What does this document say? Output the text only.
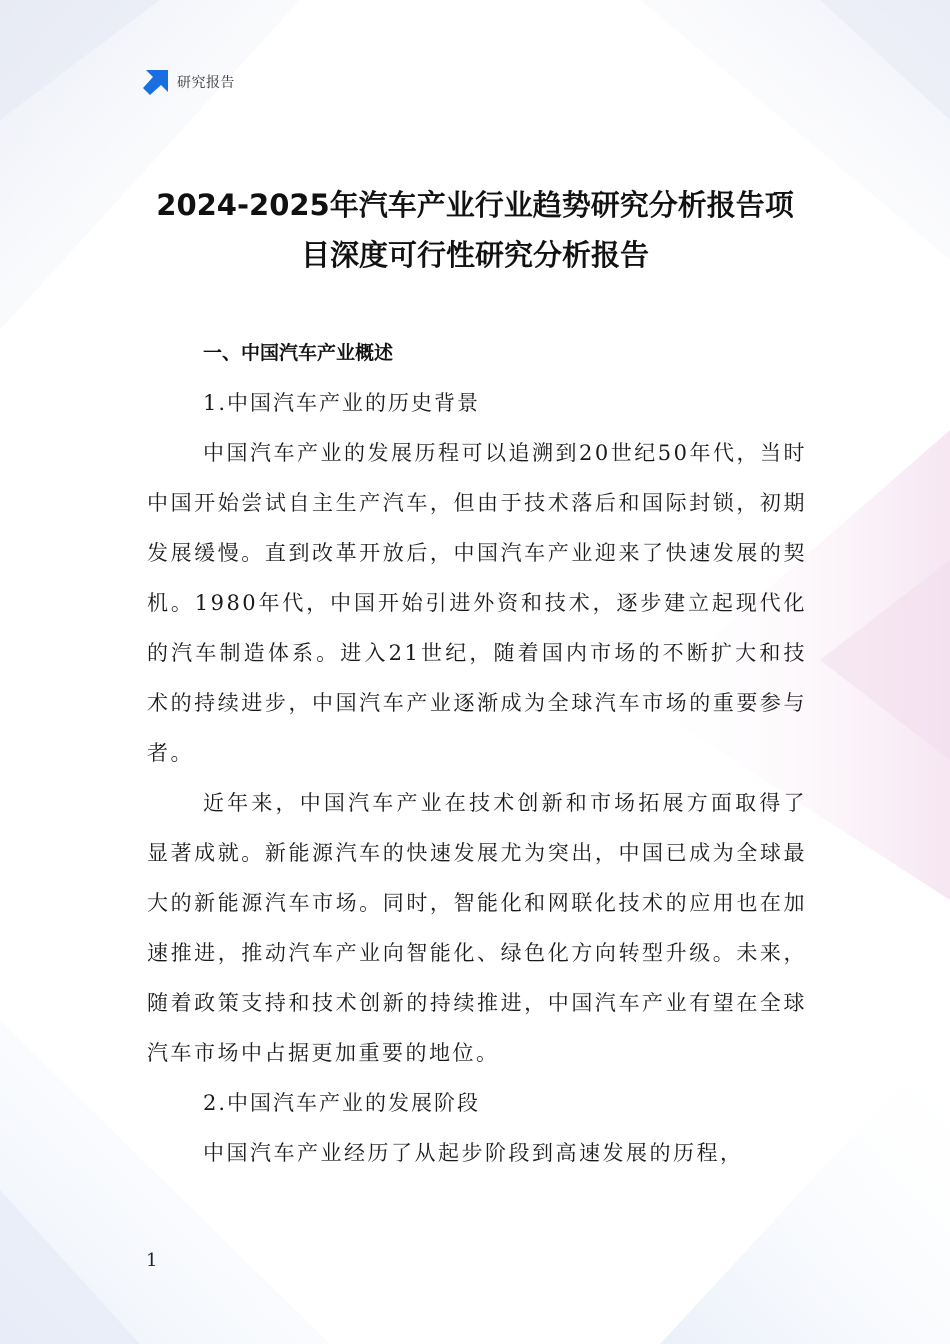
研究报告
2024-2025年汽车产业行业趋势研究分析报告项
目深度可行性研究分析报告

一、中国汽车产业概述

1.中国汽车产业的历史背景

中国汽车产业的发展历程可以追溯到20世纪50年代，当时中国开始尝试自主生产汽车，但由于技术落后和国际封锁，初期发展缓慢。直到改革开放后，中国汽车产业迎来了快速发展的契机。1980年代，中国开始引进外资和技术，逐步建立起现代化的汽车制造体系。进入21世纪，随着国内市场的不断扩大和技术的持续进步，中国汽车产业逐渐成为全球汽车市场的重要参与者。

近年来，中国汽车产业在技术创新和市场拓展方面取得了显著成就。新能源汽车的快速发展尤为突出，中国已成为全球最大的新能源汽车市场。同时，智能化和网联化技术的应用也在加速推进，推动汽车产业向智能化、绿色化方向转型升级。未来，随着政策支持和技术创新的持续推进，中国汽车产业有望在全球汽车市场中占据更加重要的地位。

2.中国汽车产业的发展阶段

中国汽车产业经历了从起步阶段到高速发展的历程，

1
